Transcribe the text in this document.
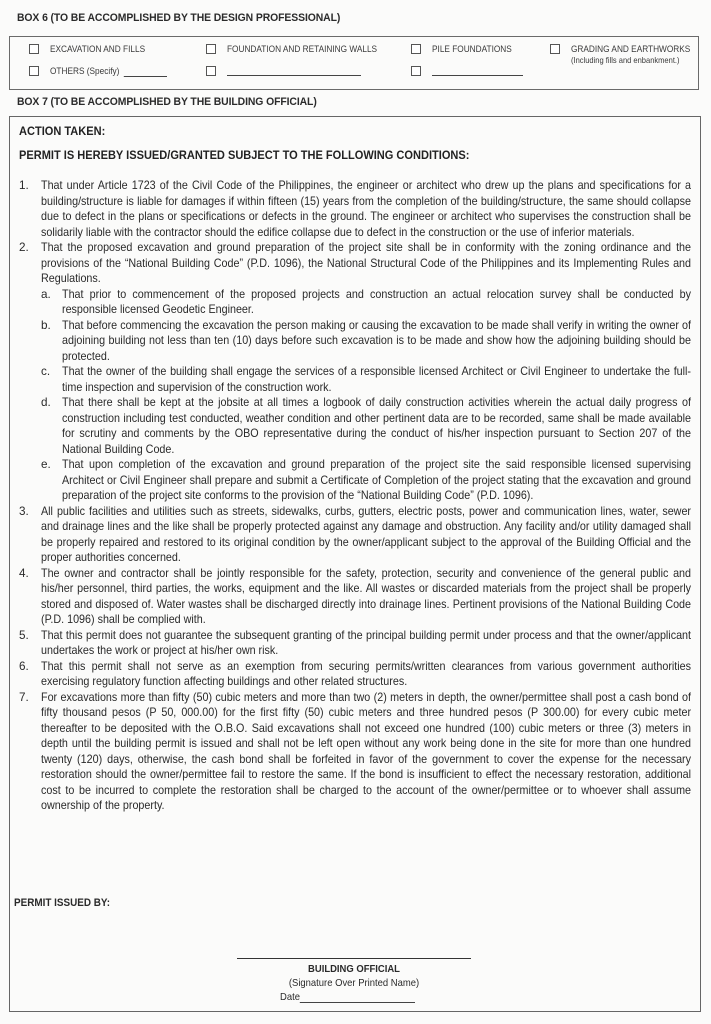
BOX 6 (TO BE ACCOMPLISHED BY THE DESIGN PROFESSIONAL)
EXCAVATION AND FILLS	FOUNDATION AND RETAINING WALLS	PILE FOUNDATIONS	GRADING AND EARTHWORKS
(Including fills and enbankment.)
OTHERS (Specify)
BOX 7 (TO BE ACCOMPLISHED BY THE BUILDING OFFICIAL)
ACTION TAKEN:
PERMIT IS HEREBY ISSUED/GRANTED SUBJECT TO THE FOLLOWING CONDITIONS:
1.	That under Article 1723 of the Civil Code of the Philippines, the engineer or architect who drew up the plans and specifications for a building/structure is liable for damages if within fifteen (15) years from the completion of the building/structure, the same should collapse due to defect in the plans or specifications or defects in the ground. The engineer or architect who supervises the construction shall be solidarily liable with the contractor should the edifice collapse due to defect in the construction or the use of inferior materials.
2.	That the proposed excavation and ground preparation of the project site shall be in conformity with the zoning ordinance and the provisions of the “National Building Code” (P.D. 1096), the National Structural Code of the Philippines and its Implementing Rules and Regulations.
a. That prior to commencement of the proposed projects and construction an actual relocation survey shall be conducted by responsible licensed Geodetic Engineer.
b. That before commencing the excavation the person making or causing the excavation to be made shall verify in writing the owner of adjoining building not less than ten (10) days before such excavation is to be made and show how the adjoining building should be protected.
c.	That the owner of the building shall engage the services of a responsible licensed Architect or Civil Engineer to undertake the full-time inspection and supervision of the construction work.
d. That there shall be kept at the jobsite at all times a logbook of daily construction activities wherein the actual daily progress of construction including test conducted, weather condition and other pertinent data are to be recorded, same shall be made available for scrutiny and comments by the OBO representative during the conduct of his/her inspection pursuant to Section 207 of the National Building Code.
e. That upon completion of the excavation and ground preparation of the project site the said responsible licensed supervising Architect or Civil Engineer shall prepare and submit a Certificate of Completion of the project stating that the excavation and ground preparation of the project site conforms to the provision of the “National Building Code” (P.D. 1096).
3.	All public facilities and utilities such as streets, sidewalks, curbs, gutters, electric posts, power and communication lines, water, sewer and drainage lines and the like shall be properly protected against any damage and obstruction. Any facility and/or utility damaged shall be properly repaired and restored to its original condition by the owner/applicant subject to the approval of the Building Official and the proper authorities concerned.
4.	The owner and contractor shall be jointly responsible for the safety, protection, security and convenience of the general public and his/her personnel, third parties, the works, equipment and the like. All wastes or discarded materials from the project shall be properly stored and disposed of. Water wastes shall be discharged directly into drainage lines. Pertinent provisions of the National Building Code (P.D. 1096) shall be complied with.
5.	That this permit does not guarantee the subsequent granting of the principal building permit under process and that the owner/applicant undertakes the work or project at his/her own risk.
6.	That this permit shall not serve as an exemption from securing permits/written clearances from various government authorities exercising regulatory function affecting buildings and other related structures.
7.	For excavations more than fifty (50) cubic meters and more than two (2) meters in depth, the owner/permittee shall post a cash bond of fifty thousand pesos (P 50, 000.00) for the first fifty (50) cubic meters and three hundred pesos (P 300.00) for every cubic meter thereafter to be deposited with the O.B.O. Said excavations shall not exceed one hundred (100) cubic meters or three (3) meters in depth until the building permit is issued and shall not be left open without any work being done in the site for more than one hundred twenty (120) days, otherwise, the cash bond shall be forfeited in favor of the government to cover the expense for the necessary restoration should the owner/permittee fail to restore the same. If the bond is insufficient to effect the necessary restoration, additional cost to be incurred to complete the restoration shall be charged to the account of the owner/permittee or to whoever shall assume ownership of the property.
PERMIT ISSUED BY:
BUILDING OFFICIAL
(Signature Over Printed Name)
Date
